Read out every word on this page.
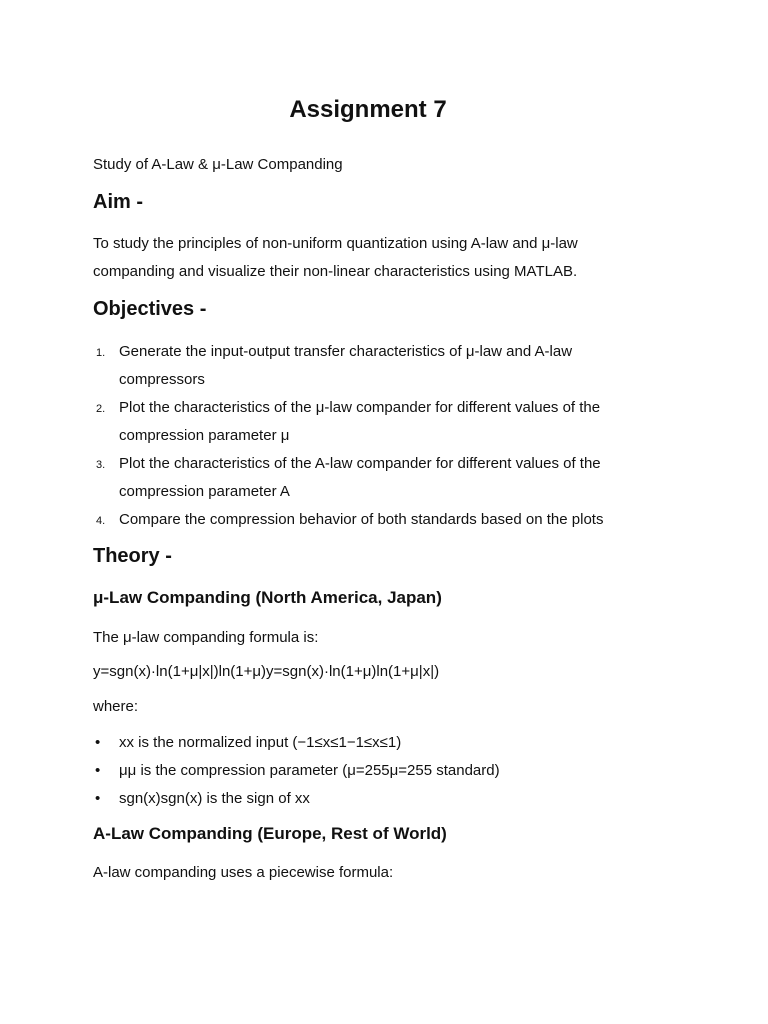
Assignment 7

Study of A-Law & μ-Law Companding

Aim -
To study the principles of non-uniform quantization using A-law and μ-law
companding and visualize their non-linear characteristics using MATLAB.
Objectives -
1. Generate the input-output transfer characteristics of μ-law and A-law
compressors
2. Plot the characteristics of the μ-law compander for different values of the
compression parameter μ
3. Plot the characteristics of the A-law compander for different values of the
compression parameter A
4. Compare the compression behavior of both standards based on the plots
Theory -
μ-Law Companding (North America, Japan)

The μ-law companding formula is:

y=sgn(x)·ln(1+μ|x|)ln(1+μ)y=sgn(x)·ln(1+μ)ln(1+μ|x|)

where:

• xx is the normalized input (−1≤x≤1−1≤x≤1)
• μμ is the compression parameter (μ=255μ=255 standard)
• sgn(x)sgn(x) is the sign of xx
A-Law Companding (Europe, Rest of World)

A-law companding uses a piecewise formula:
